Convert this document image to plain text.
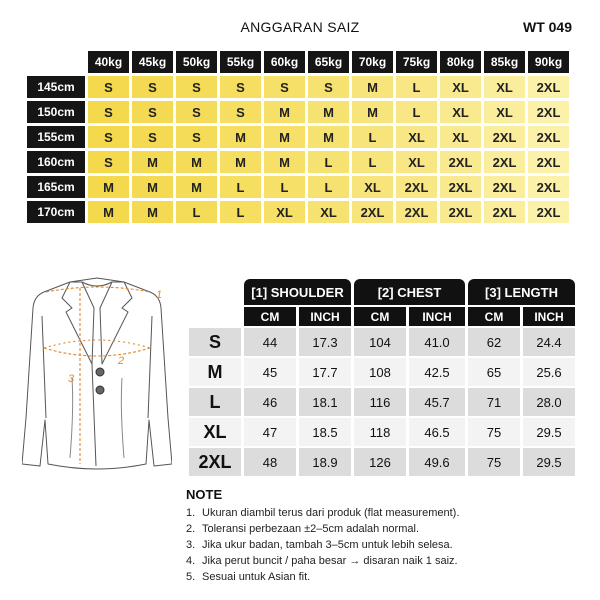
ANGGARAN SAIZ	WT 049
	40kg	45kg	50kg	55kg	60kg	65kg	70kg	75kg	80kg	85kg	90kg
145cm	S	S	S	S	S	S	M	L	XL	XL	2XL
150cm	S	S	S	S	M	M	M	L	XL	XL	2XL
155cm	S	S	S	M	M	M	L	XL	XL	2XL	2XL
160cm	S	M	M	M	M	L	L	XL	2XL	2XL	2XL
165cm	M	M	M	L	L	L	XL	2XL	2XL	2XL	2XL
170cm	M	M	L	L	XL	XL	2XL	2XL	2XL	2XL	2XL
1
2
3
	[1] SHOULDER		[2] CHEST		[3] LENGTH	
	CM	INCH	CM	INCH	CM	INCH
S	44	17.3	104	41.0	62	24.4
M	45	17.7	108	42.5	65	25.6
L	46	18.1	116	45.7	71	28.0
XL	47	18.5	118	46.5	75	29.5
2XL	48	18.9	126	49.6	75	29.5
NOTE
1. Ukuran diambil terus dari produk (flat measurement).
2. Toleransi perbezaan ±2–5cm adalah normal.
3. Jika ukur badan, tambah 3–5cm untuk lebih selesa.
4. Jika perut buncit / paha besar → disaran naik 1 saiz.
5. Sesuai untuk Asian fit.
